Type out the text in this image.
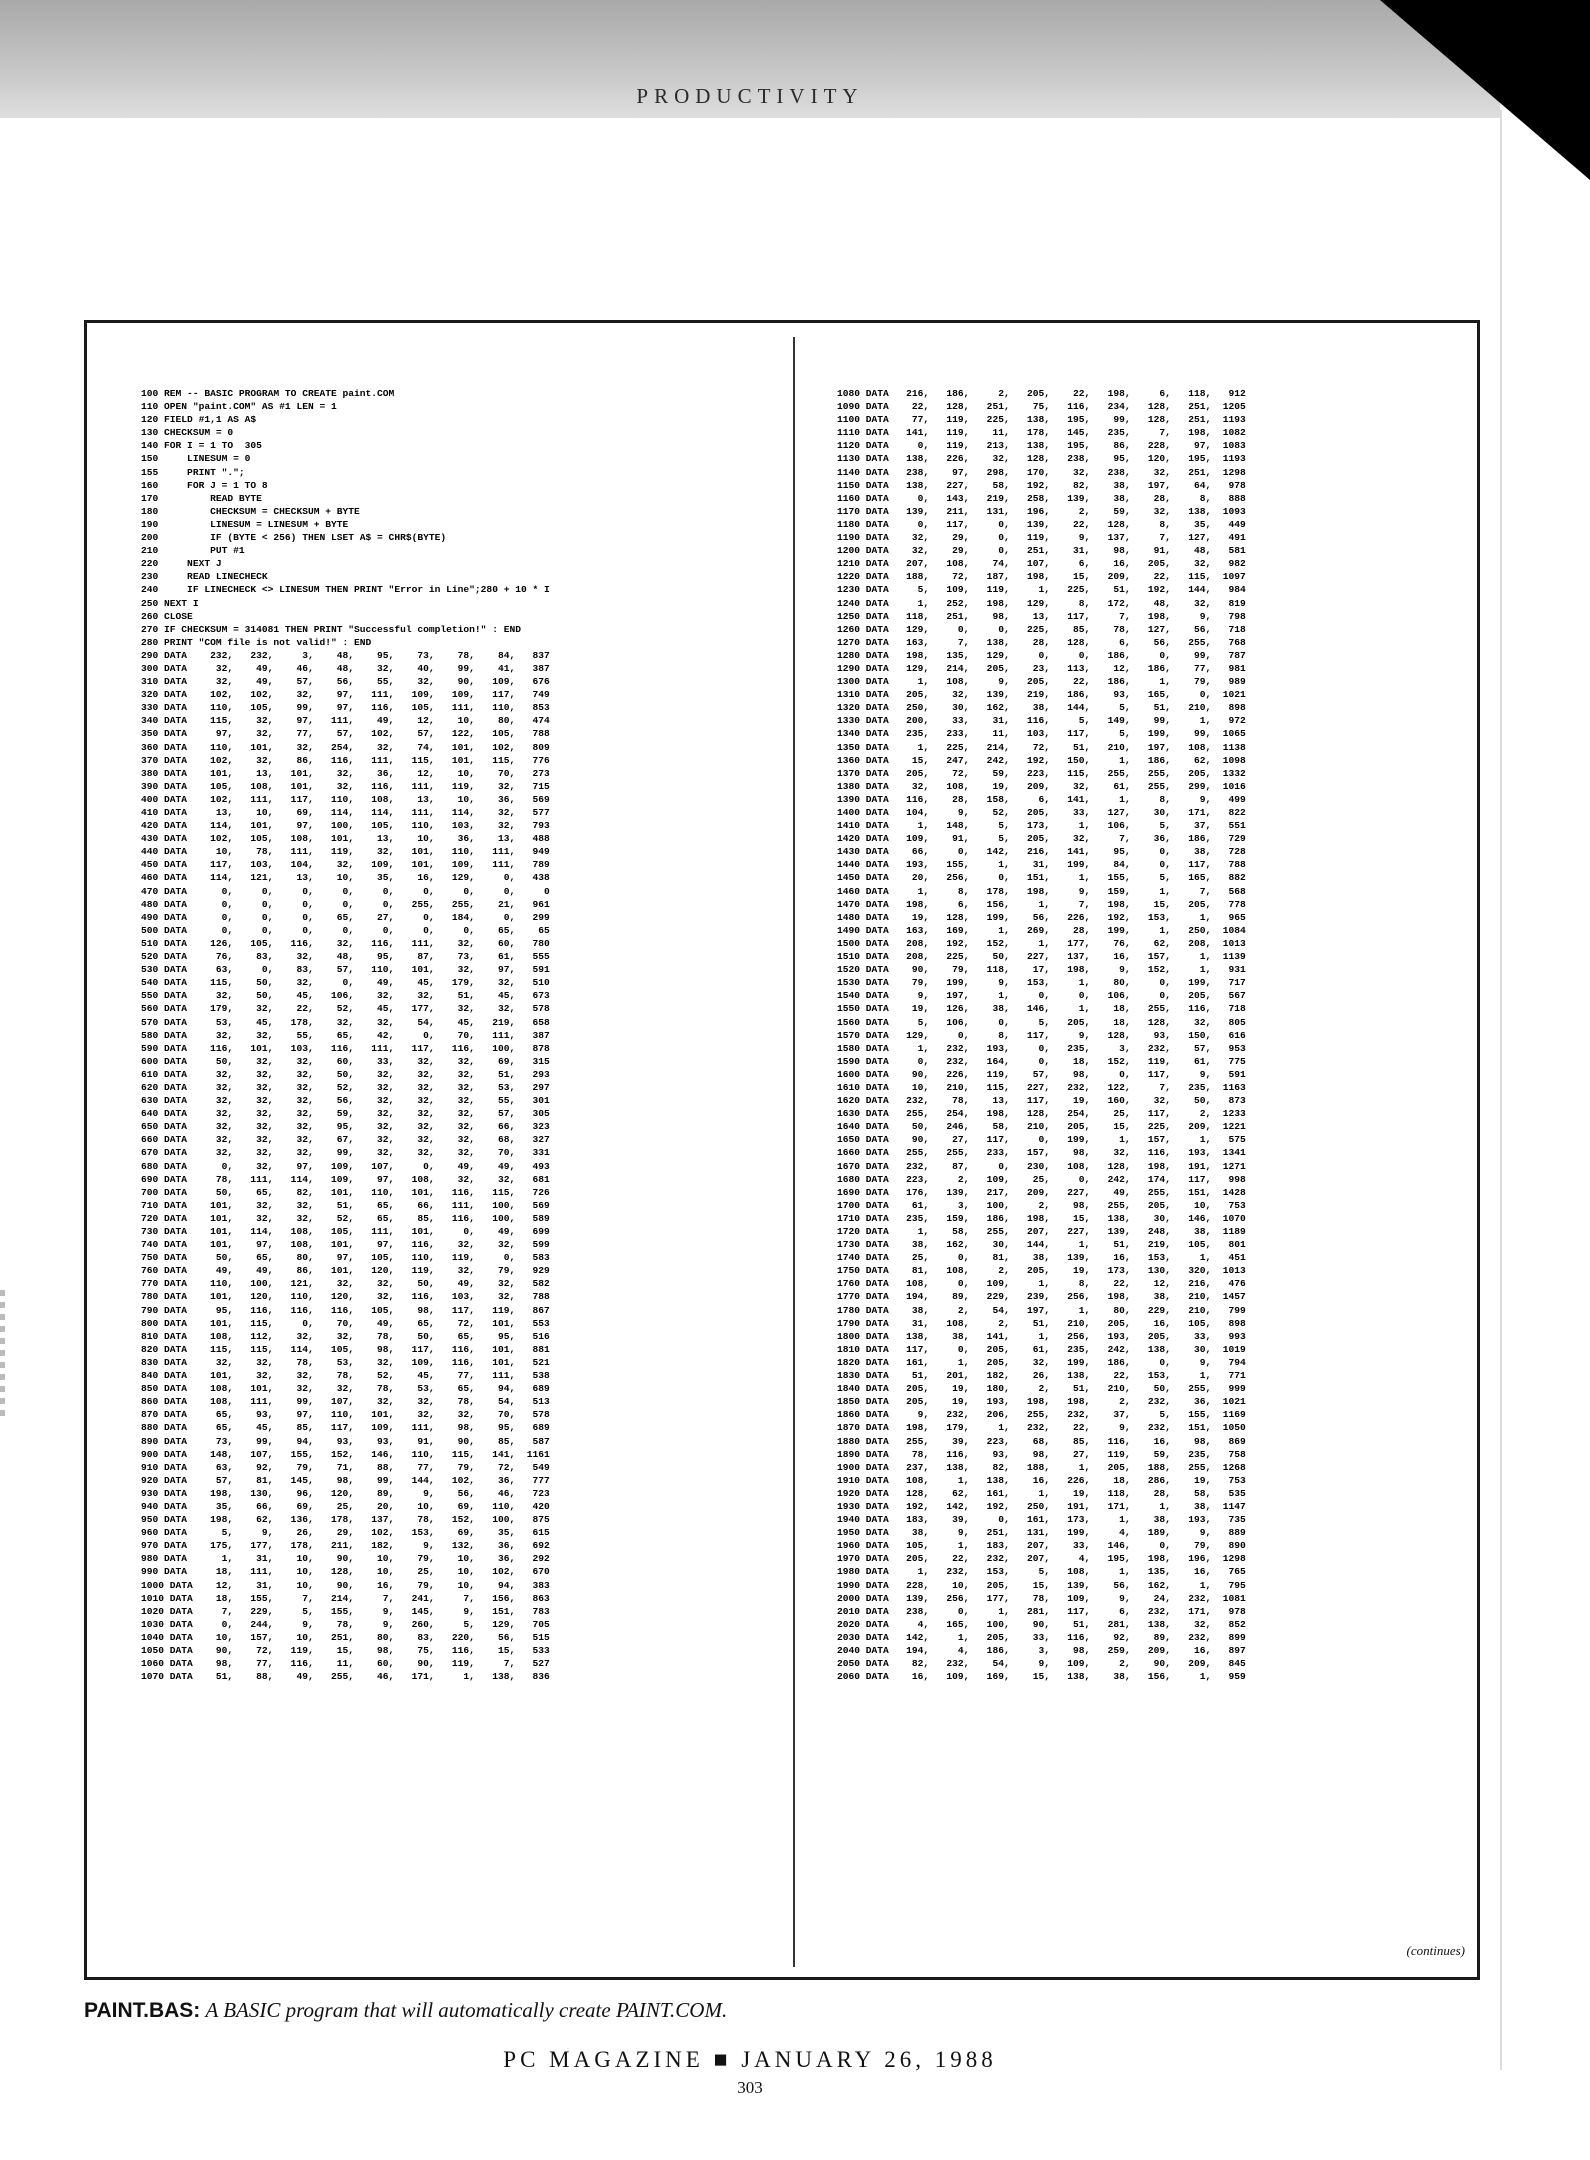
PRODUCTIVITY
100 REM -- BASIC PROGRAM TO CREATE paint.COM
110 OPEN "paint.COM" AS #1 LEN = 1
120 FIELD #1,1 AS A$
130 CHECKSUM = 0
140 FOR I = 1 TO  305
150     LINESUM = 0
155     PRINT ".";
160     FOR J = 1 TO 8
170         READ BYTE
180         CHECKSUM = CHECKSUM + BYTE
190         LINESUM = LINESUM + BYTE
200         IF (BYTE < 256) THEN LSET A$ = CHR$(BYTE)
210         PUT #1
220     NEXT J
230     READ LINECHECK
240     IF LINECHECK <> LINESUM THEN PRINT "Error in Line";280 + 10 * I
250 NEXT I
260 CLOSE
270 IF CHECKSUM = 314081 THEN PRINT "Successful completion!" : END
280 PRINT "COM file is not valid!" : END
290 DATA    232,   232,     3,    48,    95,    73,    78,    84,   837
300 DATA     32,    49,    46,    48,    32,    40,    99,    41,   387
310 DATA     32,    49,    57,    56,    55,    32,    90,   109,   676
320 DATA    102,   102,    32,    97,   111,   109,   109,   117,   749
330 DATA    110,   105,    99,    97,   116,   105,   111,   110,   853
340 DATA    115,    32,    97,   111,    49,    12,    10,    80,   474
350 DATA     97,    32,    77,    57,   102,    57,   122,   105,   788
360 DATA    110,   101,    32,   254,    32,    74,   101,   102,   809
370 DATA    102,    32,    86,   116,   111,   115,   101,   115,   776
380 DATA    101,    13,   101,    32,    36,    12,    10,    70,   273
390 DATA    105,   108,   101,    32,   116,   111,   119,    32,   715
400 DATA    102,   111,   117,   110,   108,    13,    10,    36,   569
410 DATA     13,    10,    69,   114,   114,   111,   114,    32,   577
420 DATA    114,   101,    97,   100,   105,   110,   103,    32,   793
430 DATA    102,   105,   108,   101,    13,    10,    36,    13,   488
440 DATA     10,    78,   111,   119,    32,   101,   110,   111,   949
450 DATA    117,   103,   104,    32,   109,   101,   109,   111,   789
460 DATA    114,   121,    13,    10,    35,    16,   129,     0,   438
470 DATA      0,     0,     0,     0,     0,     0,     0,     0,     0
480 DATA      0,     0,     0,     0,     0,   255,   255,    21,   961
490 DATA      0,     0,     0,    65,    27,     0,   184,     0,   299
500 DATA      0,     0,     0,     0,     0,     0,     0,    65,    65
510 DATA    126,   105,   116,    32,   116,   111,    32,    60,   780
520 DATA     76,    83,    32,    48,    95,    87,    73,    61,   555
530 DATA     63,     0,    83,    57,   110,   101,    32,    97,   591
540 DATA    115,    50,    32,     0,    49,    45,   179,    32,   510
550 DATA     32,    50,    45,   106,    32,    32,    51,    45,   673
560 DATA    179,    32,    22,    52,    45,   177,    32,    32,   578
570 DATA     53,    45,   178,    32,    32,    54,    45,   219,   658
580 DATA     32,    32,    55,    65,    42,     0,    70,   111,   387
590 DATA    116,   101,   103,   116,   111,   117,   116,   100,   878
600 DATA     50,    32,    32,    60,    33,    32,    32,    69,   315
610 DATA     32,    32,    32,    50,    32,    32,    32,    51,   293
620 DATA     32,    32,    32,    52,    32,    32,    32,    53,   297
630 DATA     32,    32,    32,    56,    32,    32,    32,    55,   301
640 DATA     32,    32,    32,    59,    32,    32,    32,    57,   305
650 DATA     32,    32,    32,    95,    32,    32,    32,    66,   323
660 DATA     32,    32,    32,    67,    32,    32,    32,    68,   327
670 DATA     32,    32,    32,    99,    32,    32,    32,    70,   331
680 DATA      0,    32,    97,   109,   107,     0,    49,    49,   493
690 DATA     78,   111,   114,   109,    97,   108,    32,    32,   681
700 DATA     50,    65,    82,   101,   110,   101,   116,   115,   726
710 DATA    101,    32,    32,    51,    65,    66,   111,   100,   569
720 DATA    101,    32,    32,    52,    65,    85,   116,   100,   589
730 DATA    101,   114,   108,   105,   111,   101,     0,    49,   699
740 DATA    101,    97,   108,   101,    97,   116,    32,    32,   599
750 DATA     50,    65,    80,    97,   105,   110,   119,     0,   583
760 DATA     49,    49,    86,   101,   120,   119,    32,    79,   929
770 DATA    110,   100,   121,    32,    32,    50,    49,    32,   582
780 DATA    101,   120,   110,   120,    32,   116,   103,    32,   788
790 DATA     95,   116,   116,   116,   105,    98,   117,   119,   867
800 DATA    101,   115,     0,    70,    49,    65,    72,   101,   553
810 DATA    108,   112,    32,    32,    78,    50,    65,    95,   516
820 DATA    115,   115,   114,   105,    98,   117,   116,   101,   881
830 DATA     32,    32,    78,    53,    32,   109,   116,   101,   521
840 DATA    101,    32,    32,    78,    52,    45,    77,   111,   538
850 DATA    108,   101,    32,    32,    78,    53,    65,    94,   689
860 DATA    108,   111,    99,   107,    32,    32,    78,    54,   513
870 DATA     65,    93,    97,   110,   101,    32,    32,    70,   578
880 DATA     65,    45,    85,   117,   109,   111,    98,    95,   689
890 DATA     73,    99,    94,    93,    93,    91,    90,    85,   587
900 DATA    148,   107,   155,   152,   146,   110,   115,   141,  1161
910 DATA     63,    92,    79,    71,    88,    77,    79,    72,   549
920 DATA     57,    81,   145,    98,    99,   144,   102,    36,   777
930 DATA    198,   130,    96,   120,    89,     9,    56,    46,   723
940 DATA     35,    66,    69,    25,    20,    10,    69,   110,   420
950 DATA    198,    62,   136,   178,   137,    78,   152,   100,   875
960 DATA      5,     9,    26,    29,   102,   153,    69,    35,   615
970 DATA    175,   177,   178,   211,   182,     9,   132,    36,   692
980 DATA      1,    31,    10,    90,    10,    79,    10,    36,   292
990 DATA     18,   111,    10,   128,    10,    25,    10,   102,   670
1000 DATA    12,    31,    10,    90,    16,    79,    10,    94,   383
1010 DATA    18,   155,     7,   214,     7,   241,     7,   156,   863
1020 DATA     7,   229,     5,   155,     9,   145,     9,   151,   783
1030 DATA     0,   244,     9,    78,     9,   260,     5,   129,   705
1040 DATA    10,   157,    10,   251,    80,    83,   220,    56,   515
1050 DATA    90,    72,   119,    15,    98,    75,   116,    15,   533
1060 DATA    98,    77,   116,    11,    60,    90,   119,     7,   527
1070 DATA    51,    88,    49,   255,    46,   171,     1,   138,   836
1080 DATA   216,   186,     2,   205,    22,   198,     6,   118,   912
1090 DATA    22,   128,   251,    75,   116,   234,   128,   251,  1205
1100 DATA    77,   119,   225,   138,   195,    99,   128,   251,  1193
1110 DATA   141,   119,    11,   178,   145,   235,     7,   198,  1082
1120 DATA     0,   119,   213,   138,   195,    86,   228,    97,  1083
1130 DATA   138,   226,    32,   128,   238,    95,   120,   195,  1193
1140 DATA   238,    97,   298,   170,    32,   238,    32,   251,  1298
1150 DATA   138,   227,    58,   192,    82,    38,   197,    64,   978
1160 DATA     0,   143,   219,   258,   139,    38,    28,     8,   888
1170 DATA   139,   211,   131,   196,     2,    59,    32,   138,  1093
1180 DATA     0,   117,     0,   139,    22,   128,     8,    35,   449
1190 DATA    32,    29,     0,   119,     9,   137,     7,   127,   491
1200 DATA    32,    29,     0,   251,    31,    98,    91,    48,   581
1210 DATA   207,   108,    74,   107,     6,    16,   205,    32,   982
1220 DATA   188,    72,   187,   198,    15,   209,    22,   115,  1097
1230 DATA     5,   109,   119,     1,   225,    51,   192,   144,   984
1240 DATA     1,   252,   198,   129,     8,   172,    48,    32,   819
1250 DATA   118,   251,    98,    13,   117,     7,   198,     9,   798
1260 DATA   129,     0,     0,   225,    85,    78,   127,    56,   718
1270 DATA   163,     7,   138,    28,   128,     6,    56,   255,   768
1280 DATA   198,   135,   129,     0,     0,   186,     0,    99,   787
1290 DATA   129,   214,   205,    23,   113,    12,   186,    77,   981
1300 DATA     1,   108,     9,   205,    22,   186,     1,    79,   989
1310 DATA   205,    32,   139,   219,   186,    93,   165,     0,  1021
1320 DATA   250,    30,   162,    38,   144,     5,    51,   210,   898
1330 DATA   200,    33,    31,   116,     5,   149,    99,     1,   972
1340 DATA   235,   233,    11,   103,   117,     5,   199,    99,  1065
1350 DATA     1,   225,   214,    72,    51,   210,   197,   108,  1138
1360 DATA    15,   247,   242,   192,   150,     1,   186,    62,  1098
1370 DATA   205,    72,    59,   223,   115,   255,   255,   205,  1332
1380 DATA    32,   108,    19,   209,    32,    61,   255,   299,  1016
1390 DATA   116,    28,   158,     6,   141,     1,     8,     9,   499
1400 DATA   104,     9,    52,   205,    33,   127,    30,   171,   822
1410 DATA     1,   148,     5,   173,     1,   106,     5,    37,   551
1420 DATA   109,    91,     5,   205,    32,     7,    36,   186,   729
1430 DATA    66,     0,   142,   216,   141,    95,     0,    38,   728
1440 DATA   193,   155,     1,    31,   199,    84,     0,   117,   788
1450 DATA    20,   256,     0,   151,     1,   155,     5,   165,   882
1460 DATA     1,     8,   178,   198,     9,   159,     1,     7,   568
1470 DATA   198,     6,   156,     1,     7,   198,    15,   205,   778
1480 DATA    19,   128,   199,    56,   226,   192,   153,     1,   965
1490 DATA   163,   169,     1,   269,    28,   199,     1,   250,  1084
1500 DATA   208,   192,   152,     1,   177,    76,    62,   208,  1013
1510 DATA   208,   225,    50,   227,   137,    16,   157,     1,  1139
1520 DATA    90,    79,   118,    17,   198,     9,   152,     1,   931
1530 DATA    79,   199,     9,   153,     1,    80,     0,   199,   717
1540 DATA     9,   197,     1,     0,     0,   106,     0,   205,   567
1550 DATA    19,   126,    38,   146,     1,    18,   255,   116,   718
1560 DATA     5,   106,     0,     5,   205,    18,   128,    32,   805
1570 DATA   129,     0,     8,   117,     9,   128,    93,   150,   616
1580 DATA     1,   232,   193,     0,   235,     3,   232,    57,   953
1590 DATA     0,   232,   164,     0,    18,   152,   119,    61,   775
1600 DATA    90,   226,   119,    57,    98,     0,   117,     9,   591
1610 DATA    10,   210,   115,   227,   232,   122,     7,   235,  1163
1620 DATA   232,    78,    13,   117,    19,   160,    32,    50,   873
1630 DATA   255,   254,   198,   128,   254,    25,   117,     2,  1233
1640 DATA    50,   246,    58,   210,   205,    15,   225,   209,  1221
1650 DATA    90,    27,   117,     0,   199,     1,   157,     1,   575
1660 DATA   255,   255,   233,   157,    98,    32,   116,   193,  1341
1670 DATA   232,    87,     0,   230,   108,   128,   198,   191,  1271
1680 DATA   223,     2,   109,    25,     0,   242,   174,   117,   998
1690 DATA   176,   139,   217,   209,   227,    49,   255,   151,  1428
1700 DATA    61,     3,   100,     2,    98,   255,   205,    10,   753
1710 DATA   235,   159,   186,   198,    15,   138,    30,   146,  1070
1720 DATA     1,    58,   255,   207,   227,   139,   248,    38,  1189
1730 DATA    38,   162,    30,   144,     1,    51,   219,   105,   801
1740 DATA    25,     0,    81,    38,   139,    16,   153,     1,   451
1750 DATA    81,   108,     2,   205,    19,   173,   130,   320,  1013
1760 DATA   108,     0,   109,     1,     8,    22,    12,   216,   476
1770 DATA   194,    89,   229,   239,   256,   198,    38,   210,  1457
1780 DATA    38,     2,    54,   197,     1,    80,   229,   210,   799
1790 DATA    31,   108,     2,    51,   210,   205,    16,   105,   898
1800 DATA   138,    38,   141,     1,   256,   193,   205,    33,   993
1810 DATA   117,     0,   205,    61,   235,   242,   138,    30,  1019
1820 DATA   161,     1,   205,    32,   199,   186,     0,     9,   794
1830 DATA    51,   201,   182,    26,   138,    22,   153,     1,   771
1840 DATA   205,    19,   180,     2,    51,   210,    50,   255,   999
1850 DATA   205,    19,   193,   198,   198,     2,   232,    36,  1021
1860 DATA     9,   232,   206,   255,   232,    37,     5,   155,  1169
1870 DATA   198,   179,     1,   232,    22,     9,   232,   151,  1050
1880 DATA   255,    39,   223,    68,    85,   116,    16,    98,   869
1890 DATA    78,   116,    93,    98,    27,   119,    59,   235,   758
1900 DATA   237,   138,    82,   188,     1,   205,   188,   255,  1268
1910 DATA   108,     1,   138,    16,   226,    18,   286,    19,   753
1920 DATA   128,    62,   161,     1,    19,   118,    28,    58,   535
1930 DATA   192,   142,   192,   250,   191,   171,     1,    38,  1147
1940 DATA   183,    39,     0,   161,   173,     1,    38,   193,   735
1950 DATA    38,     9,   251,   131,   199,     4,   189,     9,   889
1960 DATA   105,     1,   183,   207,    33,   146,     0,    79,   890
1970 DATA   205,    22,   232,   207,     4,   195,   198,   196,  1298
1980 DATA     1,   232,   153,     5,   108,     1,   135,    16,   765
1990 DATA   228,    10,   205,    15,   139,    56,   162,     1,   795
2000 DATA   139,   256,   177,    78,   109,     9,    24,   232,  1081
2010 DATA   238,     0,     1,   281,   117,     6,   232,   171,   978
2020 DATA     4,   165,   100,    90,    51,   281,   138,    32,   852
2030 DATA   142,     1,   205,    33,   116,    92,    89,   232,   899
2040 DATA   194,     4,   186,     3,    98,   259,   209,    16,   897
2050 DATA    82,   232,    54,     9,   109,     2,    90,   209,   845
2060 DATA    16,   109,   169,    15,   138,    38,   156,     1,   959
(continues)
PAINT.BAS: A BASIC program that will automatically create PAINT.COM.
PC MAGAZINE ■ JANUARY 26, 1988
303
